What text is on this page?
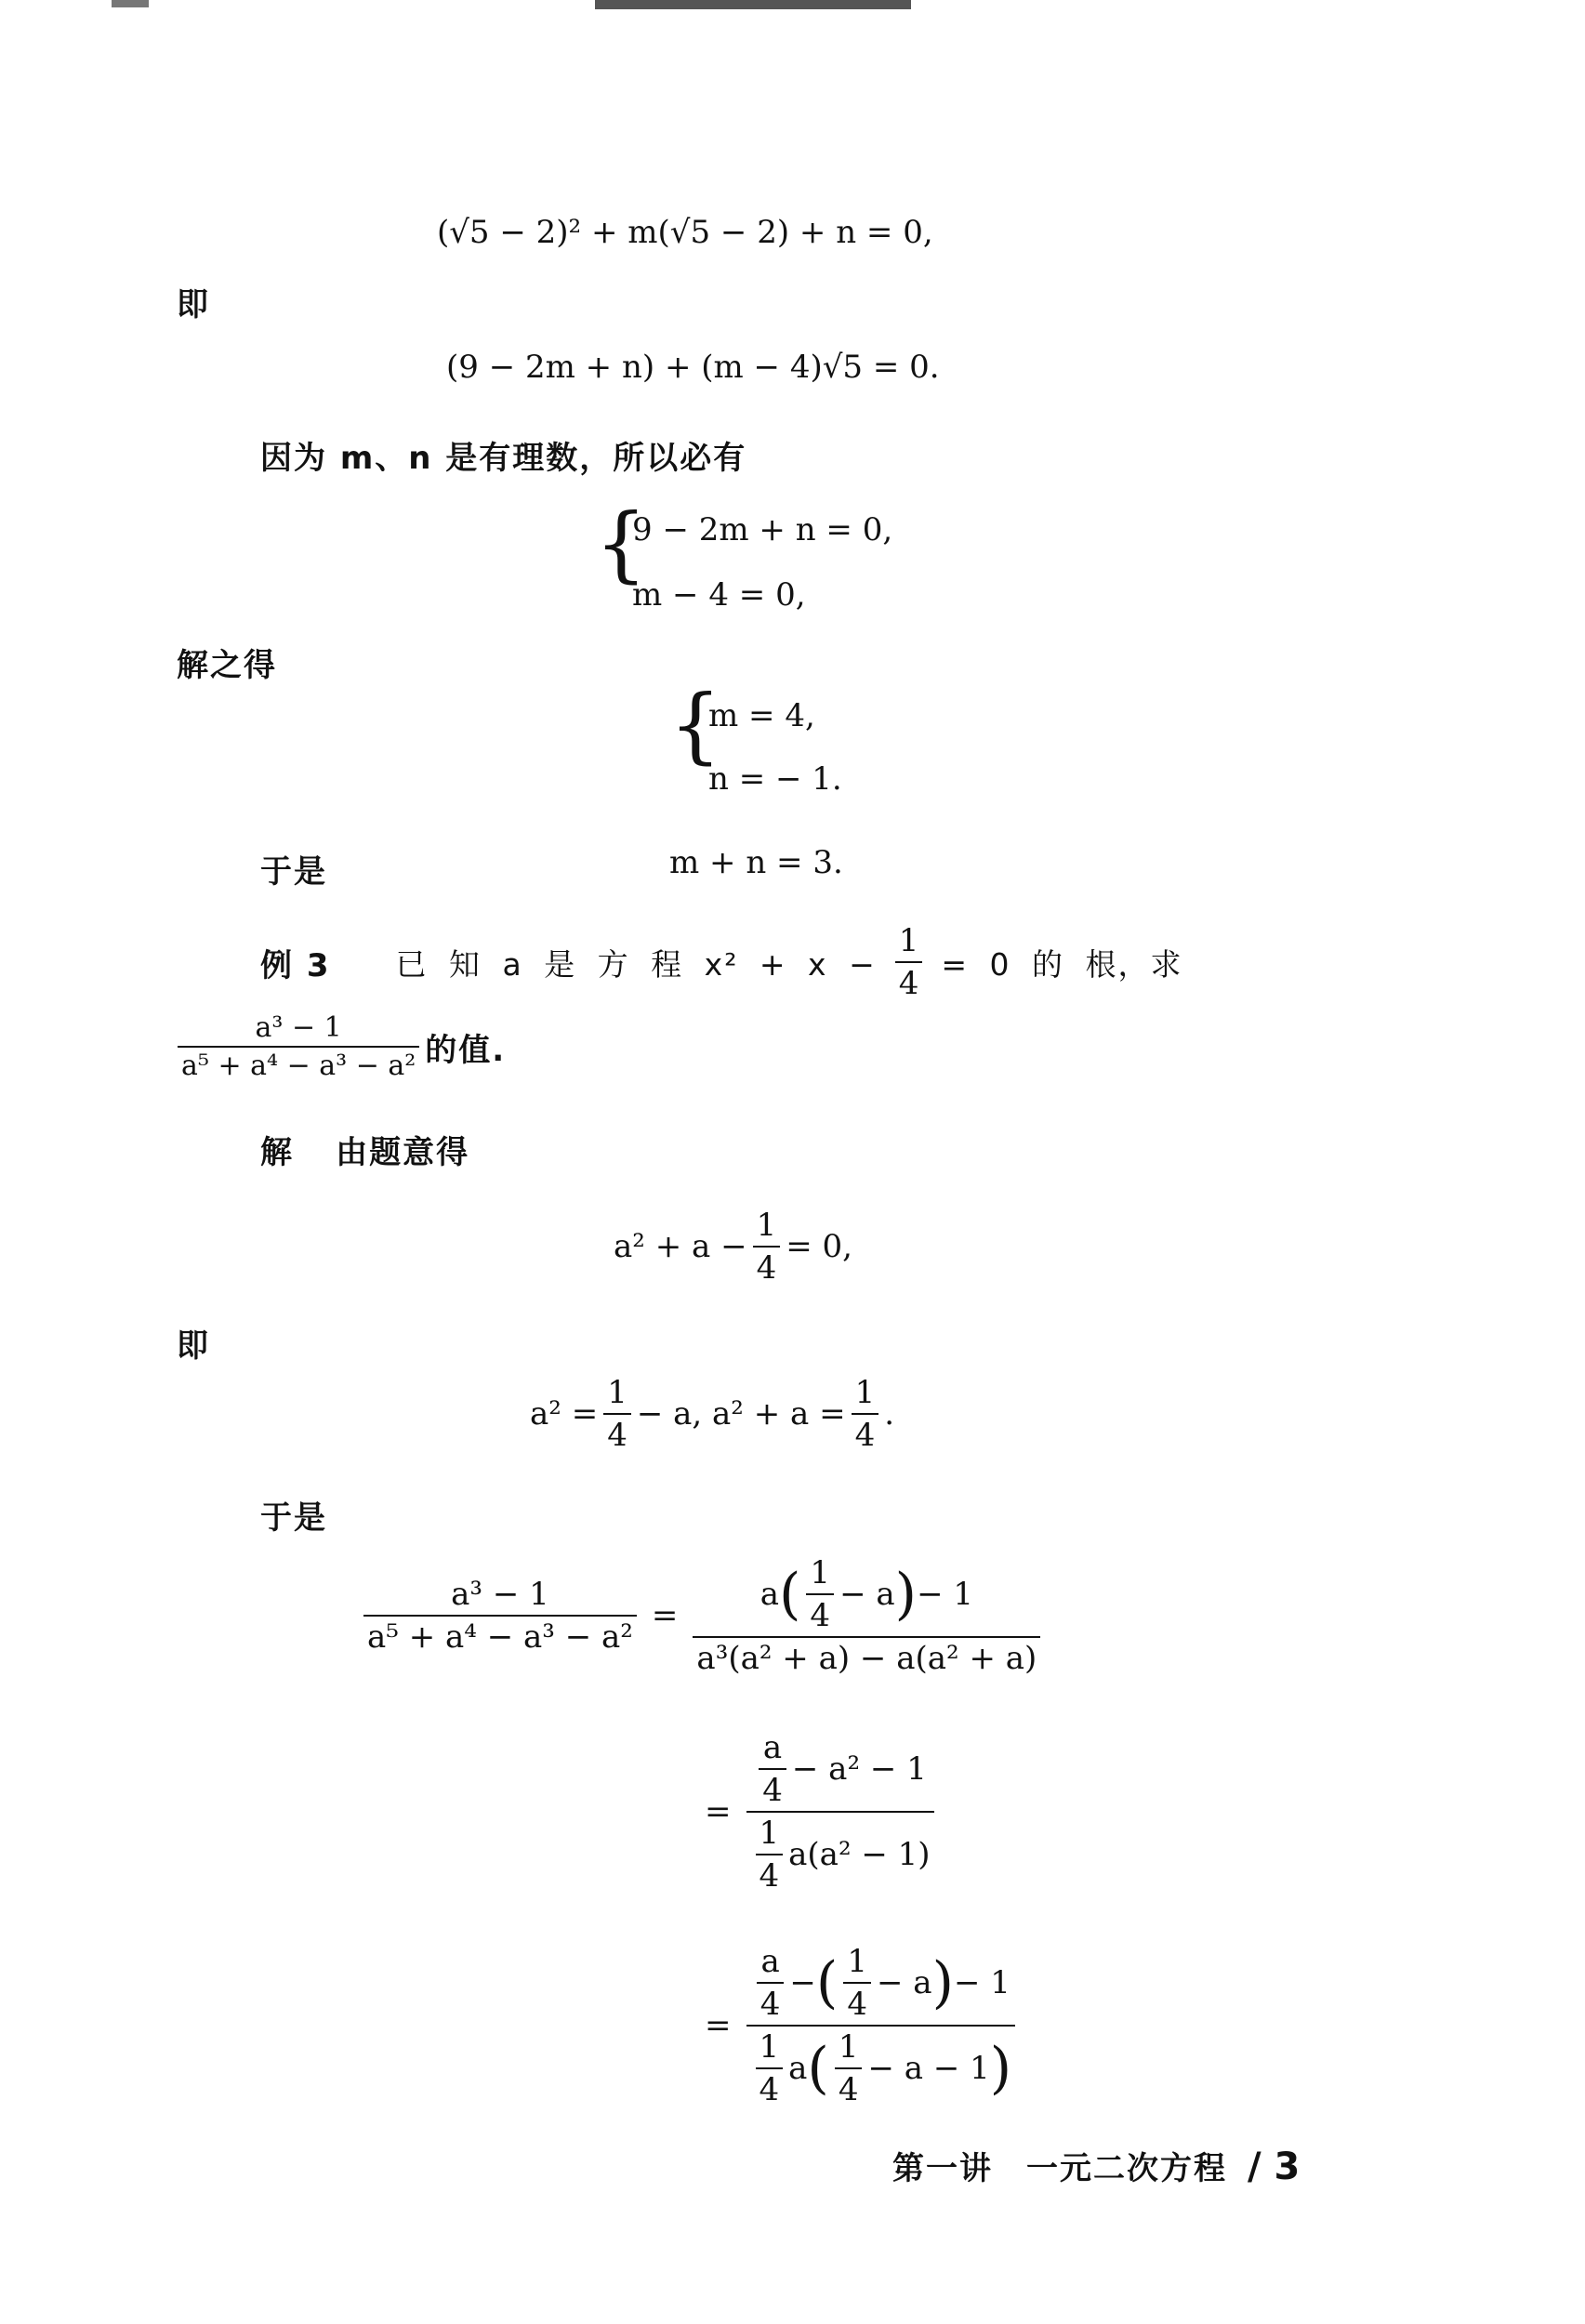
(√5 − 2)² + m(√5 − 2) + n = 0,
即
(9 − 2m + n) + (m − 4)√5 = 0.
因为 m、n 是有理数，所以必有
{
9 − 2m + n = 0,
m − 4 = 0,
解之得
{
m = 4,
n = − 1.
于是	m + n = 3.
例 3 已 知 a 是 方 程 $x^2 + x - \frac{1}{4} = 0$ 的 根，求
$\frac{\text{a³ − 1}}{\text{a⁵ + a⁴ − a³ − a²}}$ 的值.
解 由题意得
$a^2 + a - \frac{1}{4} = 0$,
即
$a^2 = \frac{1}{4} - a$, $a^2 + a = \frac{1}{4}$ .
于是
$\frac{\text{a³ − 1}}{\text{a⁵ + a⁴ − a³ − a²}}$ =
a ( $\frac{1}{4} - a$ ) − 1
a³(a² + a) − a(a² + a)
= $\frac{\frac{a}{4} - a^2 - 1}{\frac{1}{4} a(a^2 - 1)}$
=
$\frac{a}{4}$ − ( $\frac{1}{4} - a$ ) − 1
$\frac{1}{4}$ a ( $\frac{1}{4} - a - 1$ )
第一讲　一元二次方程 / 3
